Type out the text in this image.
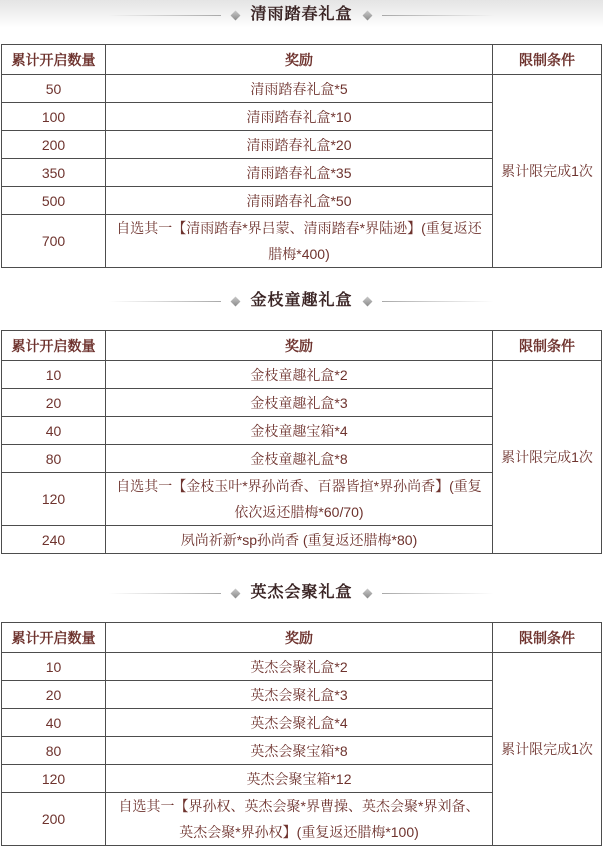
清雨踏春礼盒
累计开启数量	奖励	限制条件
50	清雨踏春礼盒*5	累计限完成1次
100	清雨踏春礼盒*10	
200	清雨踏春礼盒*20	
350	清雨踏春礼盒*35	
500	清雨踏春礼盒*50	
700	自选其一【清雨踏春*界吕蒙、清雨踏春*界陆逊】(重复返还腊梅*400)	
金枝童趣礼盒
累计开启数量	奖励	限制条件
10	金枝童趣礼盒*2	累计限完成1次
20	金枝童趣礼盒*3	
40	金枝童趣宝箱*4	
80	金枝童趣礼盒*8	
120	自选其一【金枝玉叶*界孙尚香、百器皆揎*界孙尚香】(重复依次返还腊梅*60/70)	
240	夙尚祈新*sp孙尚香 (重复返还腊梅*80)	
英杰会聚礼盒
累计开启数量	奖励	限制条件
10	英杰会聚礼盒*2	累计限完成1次
20	英杰会聚礼盒*3	
40	英杰会聚礼盒*4	
80	英杰会聚宝箱*8	
120	英杰会聚宝箱*12	
200	自选其一【界孙权、英杰会聚*界曹操、英杰会聚*界刘备、英杰会聚*界孙权】(重复返还腊梅*100)	
